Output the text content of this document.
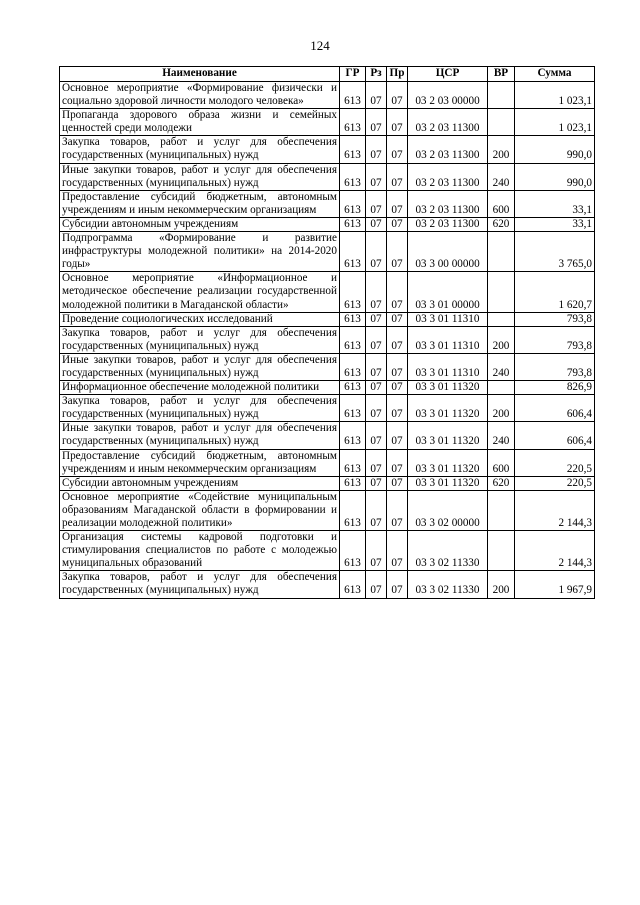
124
Наименование	ГР	Рз	Пр	ЦСР	ВР	Сумма
Основное мероприятие «Формирование физически и социально здоровой личности молодого человека»	613	07	07	03 2 03 00000		1 023,1
Пропаганда здорового образа жизни и семейных ценностей среди молодежи	613	07	07	03 2 03 11300		1 023,1
Закупка товаров, работ и услуг для обеспечения государственных (муниципальных) нужд	613	07	07	03 2 03 11300	200	990,0
Иные закупки товаров, работ и услуг для обеспечения государственных (муниципальных) нужд	613	07	07	03 2 03 11300	240	990,0
Предоставление субсидий бюджетным, автономным учреждениям и иным некоммерческим организациям	613	07	07	03 2 03 11300	600	33,1
Субсидии автономным учреждениям	613	07	07	03 2 03 11300	620	33,1
Подпрограмма «Формирование и развитие инфраструктуры молодежной политики» на 2014-2020 годы»	613	07	07	03 3 00 00000		3 765,0
Основное мероприятие «Информационное и методическое обеспечение реализации государственной молодежной политики в Магаданской области»	613	07	07	03 3 01 00000		1 620,7
Проведение социологических исследований	613	07	07	03 3 01 11310		793,8
Закупка товаров, работ и услуг для обеспечения государственных (муниципальных) нужд	613	07	07	03 3 01 11310	200	793,8
Иные закупки товаров, работ и услуг для обеспечения государственных (муниципальных) нужд	613	07	07	03 3 01 11310	240	793,8
Информационное обеспечение молодежной политики	613	07	07	03 3 01 11320		826,9
Закупка товаров, работ и услуг для обеспечения государственных (муниципальных) нужд	613	07	07	03 3 01 11320	200	606,4
Иные закупки товаров, работ и услуг для обеспечения государственных (муниципальных) нужд	613	07	07	03 3 01 11320	240	606,4
Предоставление субсидий бюджетным, автономным учреждениям и иным некоммерческим организациям	613	07	07	03 3 01 11320	600	220,5
Субсидии автономным учреждениям	613	07	07	03 3 01 11320	620	220,5
Основное мероприятие «Содействие муниципальным образованиям Магаданской области в формировании и реализации молодежной политики»	613	07	07	03 3 02 00000		2 144,3
Организация системы кадровой подготовки и стимулирования специалистов по работе с молодежью муниципальных образований	613	07	07	03 3 02 11330		2 144,3
Закупка товаров, работ и услуг для обеспечения государственных (муниципальных) нужд	613	07	07	03 3 02 11330	200	1 967,9
